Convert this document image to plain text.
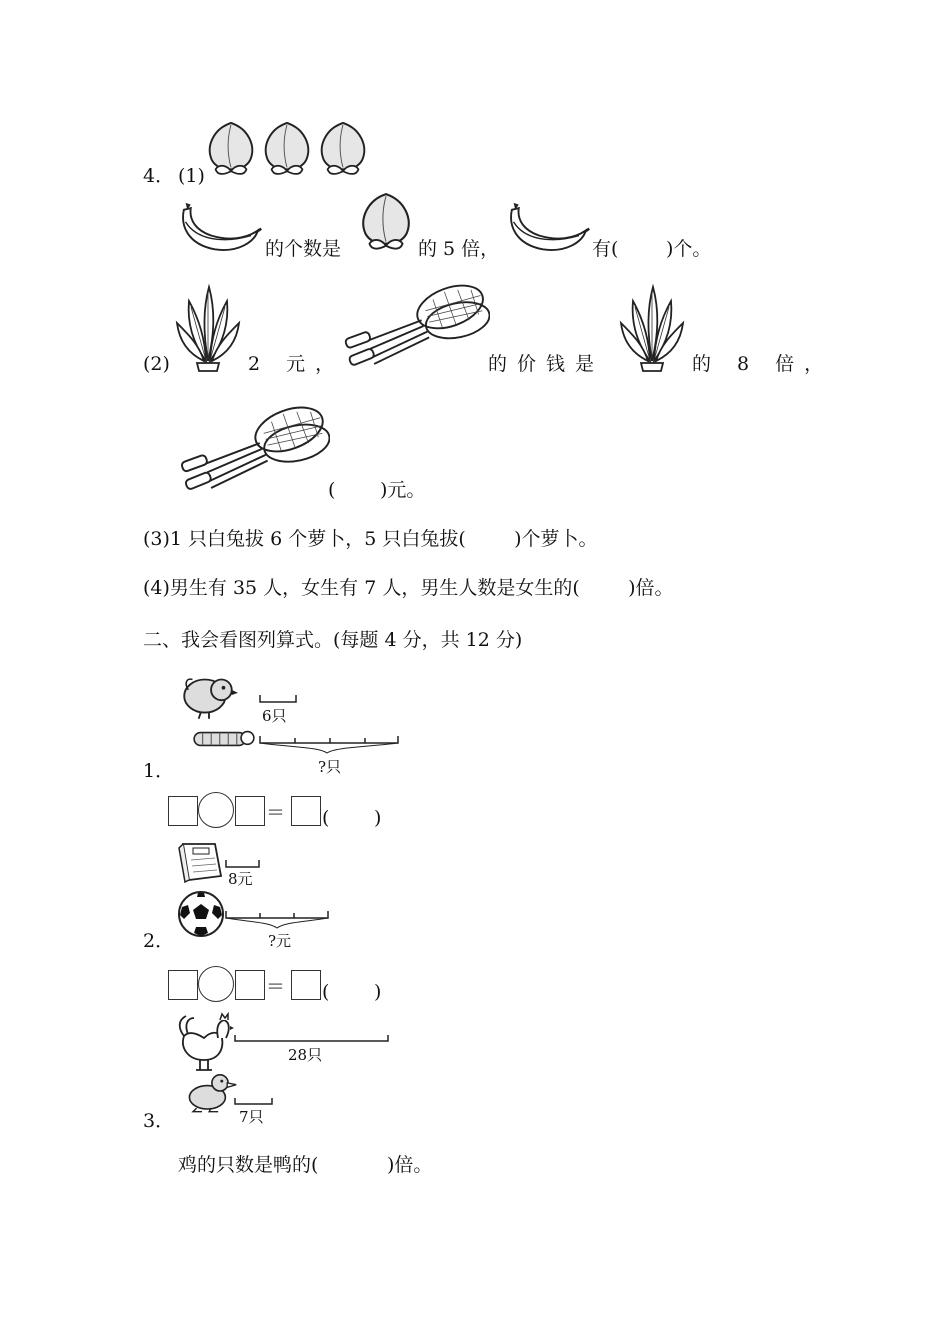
4． (1)
的个数是	的 5 倍，	有(	)个。
(2)	2 元，	的价钱是	的 8 倍，
( )元。
(3)1 只白兔拔 6 个萝卜，5 只白兔拔(        )个萝卜。
(4)男生有 35 人，女生有 7 人，男生人数是女生的(        )倍。
二、我会看图列算式。(每题 4 分，共 12 分)
6只
?只
1．
＝ ( )
8元
?元
2．
＝ ( )
28只
7只
3．
鸡的只数是鸭的(	)倍。
